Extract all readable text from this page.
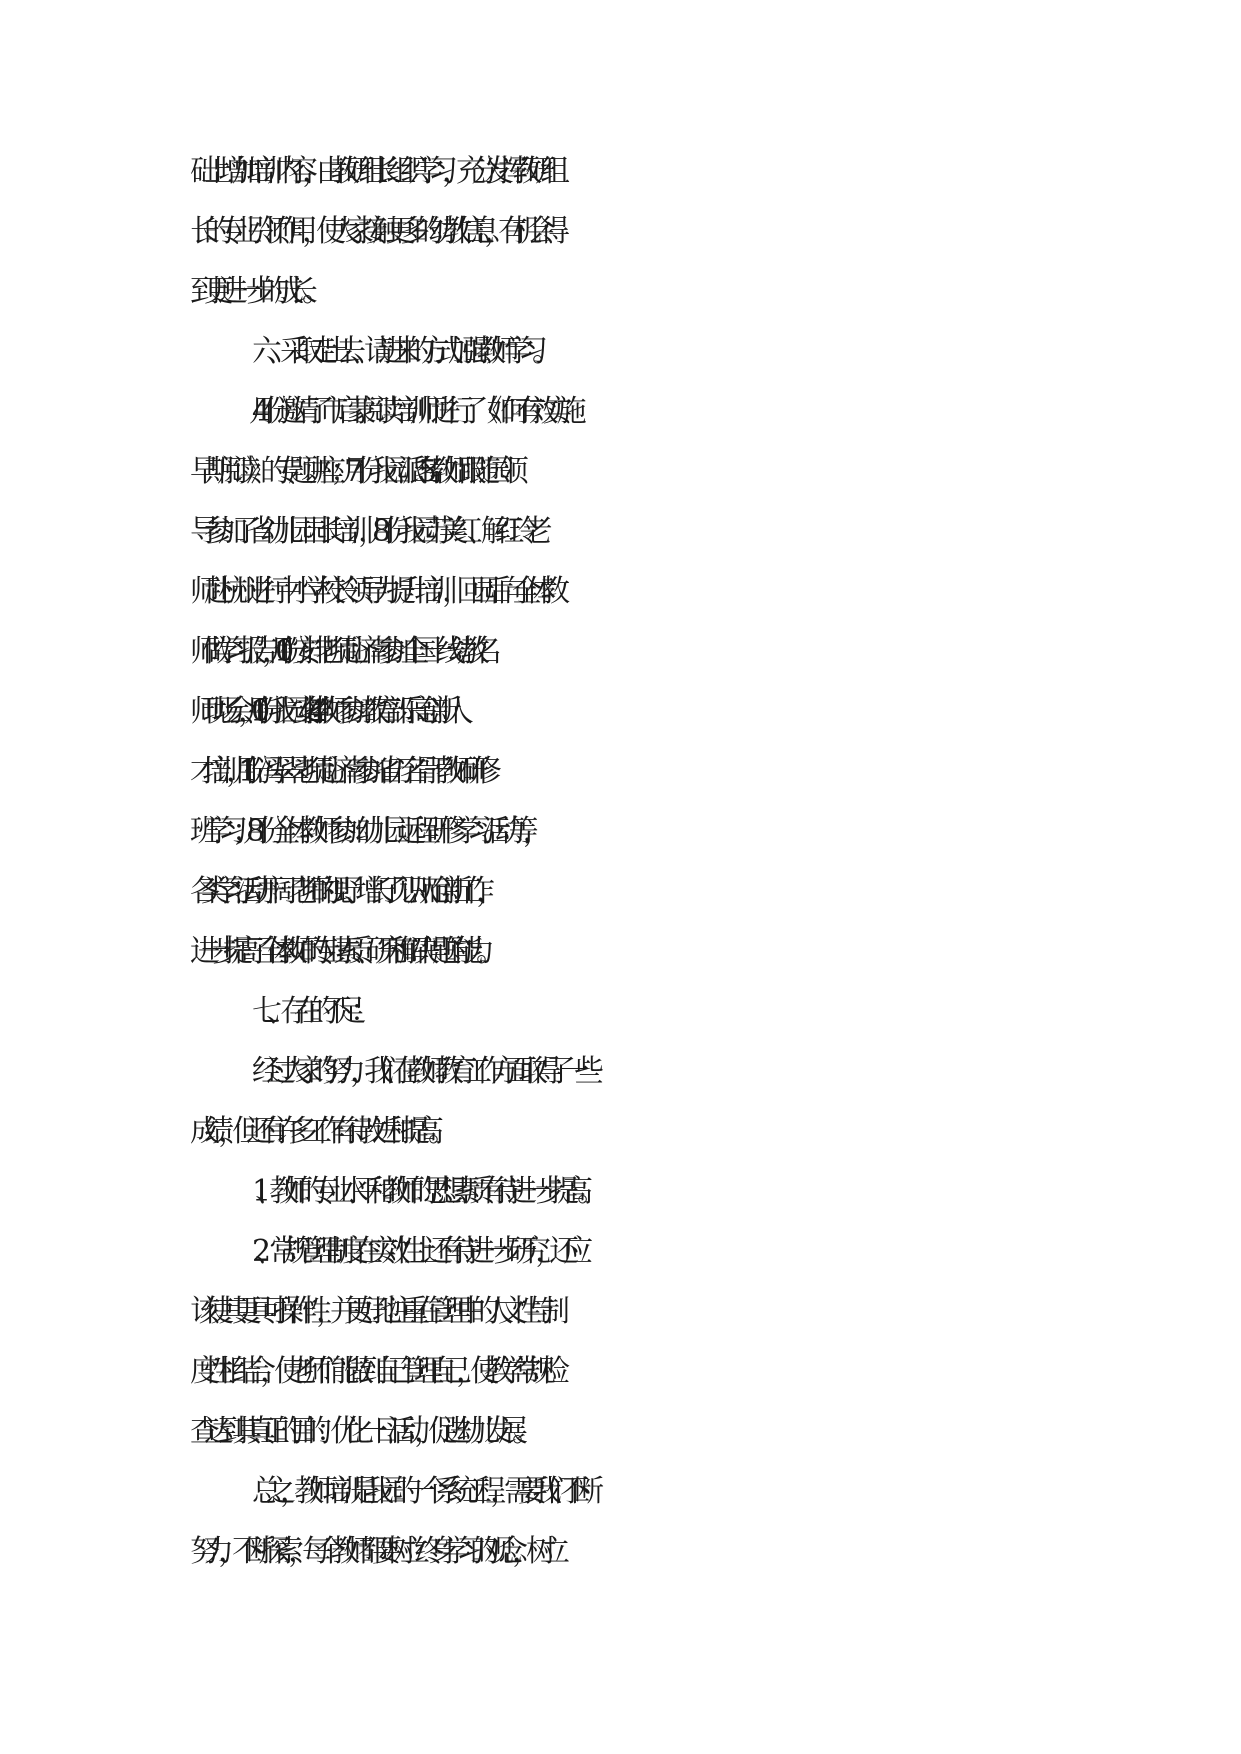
础上增加培训内容，由教研组长组织学习，充分发挥教研组
长的专业引领作用，使大家接触更多的幼教信息，有机会得
到更进一步的成长。
六、采取走出去、请进来的方式加强教师学习。
4 月份邀请了市启蒙阅读培训师进行了《如何有效实施
早期阅读》的专题讲座；7 月份我园派出 5 名教师跟随园领
导参加了省幼儿园园长培训，8 月份我园苏美红、解红玲老
师赴杭州进行中小学校长领导力提升培训，回园后向全体教
师做学习报告，10 月份安排老师赴济南参加全国一线幼教名
师现场会，10 月份我园安排 4 名教师参加教育部乐高创新人
才培训，11 月份冯翠翠老师赴济南参加省万名骨干教师研修
班学习；8 月份全体教师参加幼儿园远程研修学习活动等，
各类学习活动开阔了老师的视野、增长了见识从而创新工作，
进一步提高了全体教师的专业素质、研究和解决问题的能力。
七、存在的不足：
经过大家的努力，我们在教师教育工作方面取得了一些
成绩，但还有许多工作有待改进和提高。
1、教师的专业水平和教师的思想素质有待进一步提高。
2、常规管理制度在实效性上还有待进一步研究，还应
该使其更具可操作性，并更好地注重在管理中的人文性与制
度性相结合，使老师们能做到自己管理自己，使教学常规检
查达到其真正的目的：优化一日活动，促进幼儿发展。
总之，教师培训是我园的一个系统工程，需要我们不断
努力，不断探索，每个教师都要树立终身学习的观念，树立
